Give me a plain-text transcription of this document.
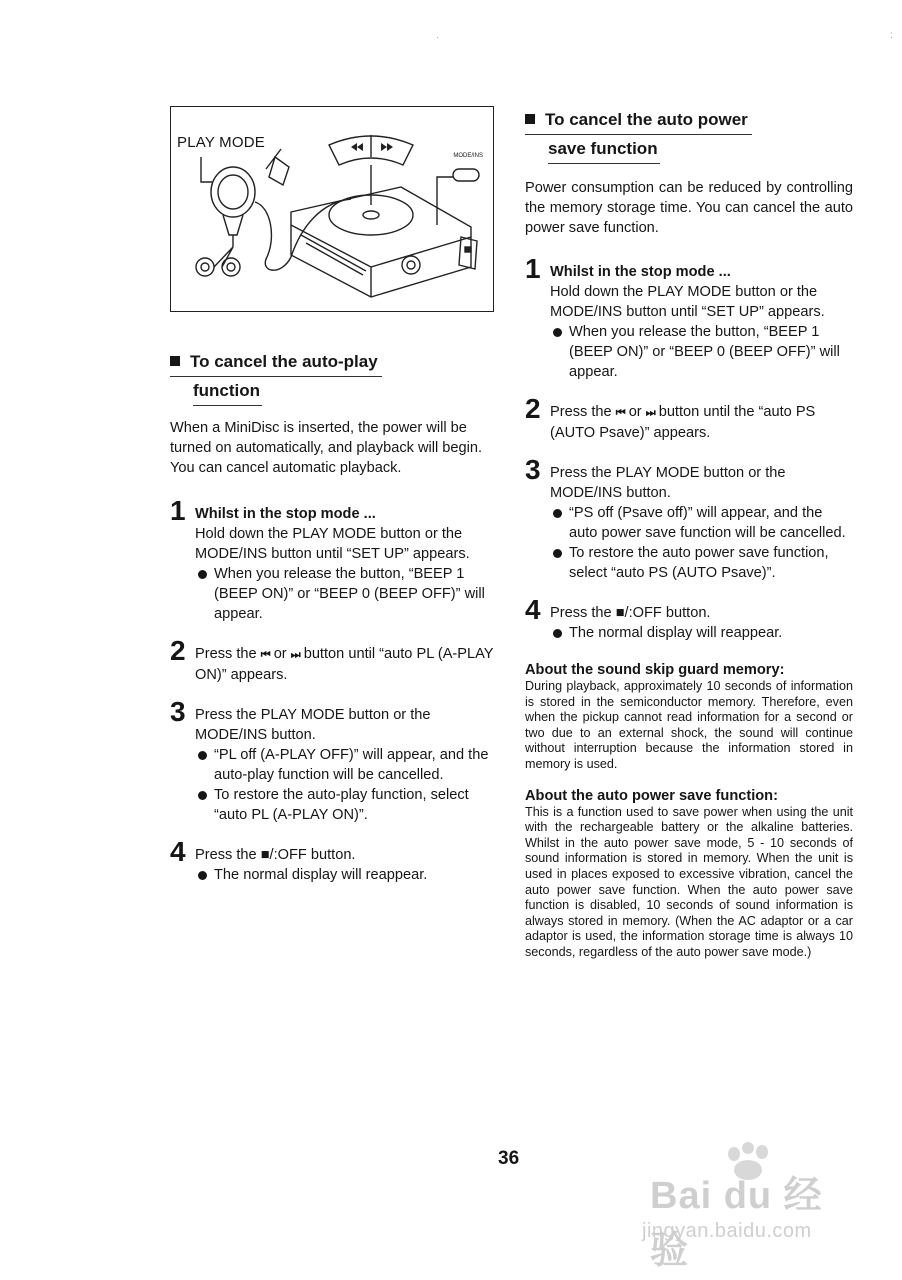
PLAY MODE
MODE/INS
To cancel the auto-play
function

When a MiniDisc is inserted, the power will be turned on automatically, and playback will begin. You can cancel automatic playback.

1 Whilst in the stop mode ...
Hold down the PLAY MODE button or the MODE/INS button until “SET UP” appears.
When you release the button, “BEEP 1 (BEEP ON)” or “BEEP 0 (BEEP OFF)” will appear.
2 Press the ⏮ or ⏭ button until “auto PL (A-PLAY ON)” appears.
3 Press the PLAY MODE button or the MODE/INS button.
“PL off (A-PLAY OFF)” will appear, and the auto-play function will be cancelled.
To restore the auto-play function, select “auto PL (A-PLAY ON)”.
4 Press the ■/:OFF button.
The normal display will reappear.
To cancel the auto power
save function

Power consumption can be reduced by controlling the memory storage time. You can cancel the auto power save function.

1 Whilst in the stop mode ...
Hold down the PLAY MODE button or the MODE/INS button until “SET UP” appears.
When you release the button, “BEEP 1 (BEEP ON)” or “BEEP 0 (BEEP OFF)” will appear.
2 Press the ⏮ or ⏭ button until the “auto PS (AUTO Psave)” appears.
3 Press the PLAY MODE button or the MODE/INS button.
“PS off (Psave off)” will appear, and the auto power save function will be cancelled.
To restore the auto power save function, select “auto PS (AUTO Psave)”.
4 Press the ■/:OFF button.
The normal display will reappear.

About the sound skip guard memory:

During playback, approximately 10 seconds of information is stored in the semiconductor memory. Therefore, even when the pickup cannot read information for a second or two due to an external shock, the sound will continue without interruption because the information stored in memory is used.

About the auto power save function:

This is a function used to save power when using the unit with the rechargeable battery or the alkaline batteries. Whilst in the auto power save mode, 5 - 10 seconds of sound information is stored in memory. When the unit is used in places exposed to excessive vibration, cancel the auto power save function. When the auto power save function is disabled, 10 seconds of sound information is always stored in memory. (When the AC adaptor or a car adaptor is used, the information storage time is always 10 seconds, regardless of the auto power save mode.)

36
Bai du 经验
jingyan.baidu.com
·	:
